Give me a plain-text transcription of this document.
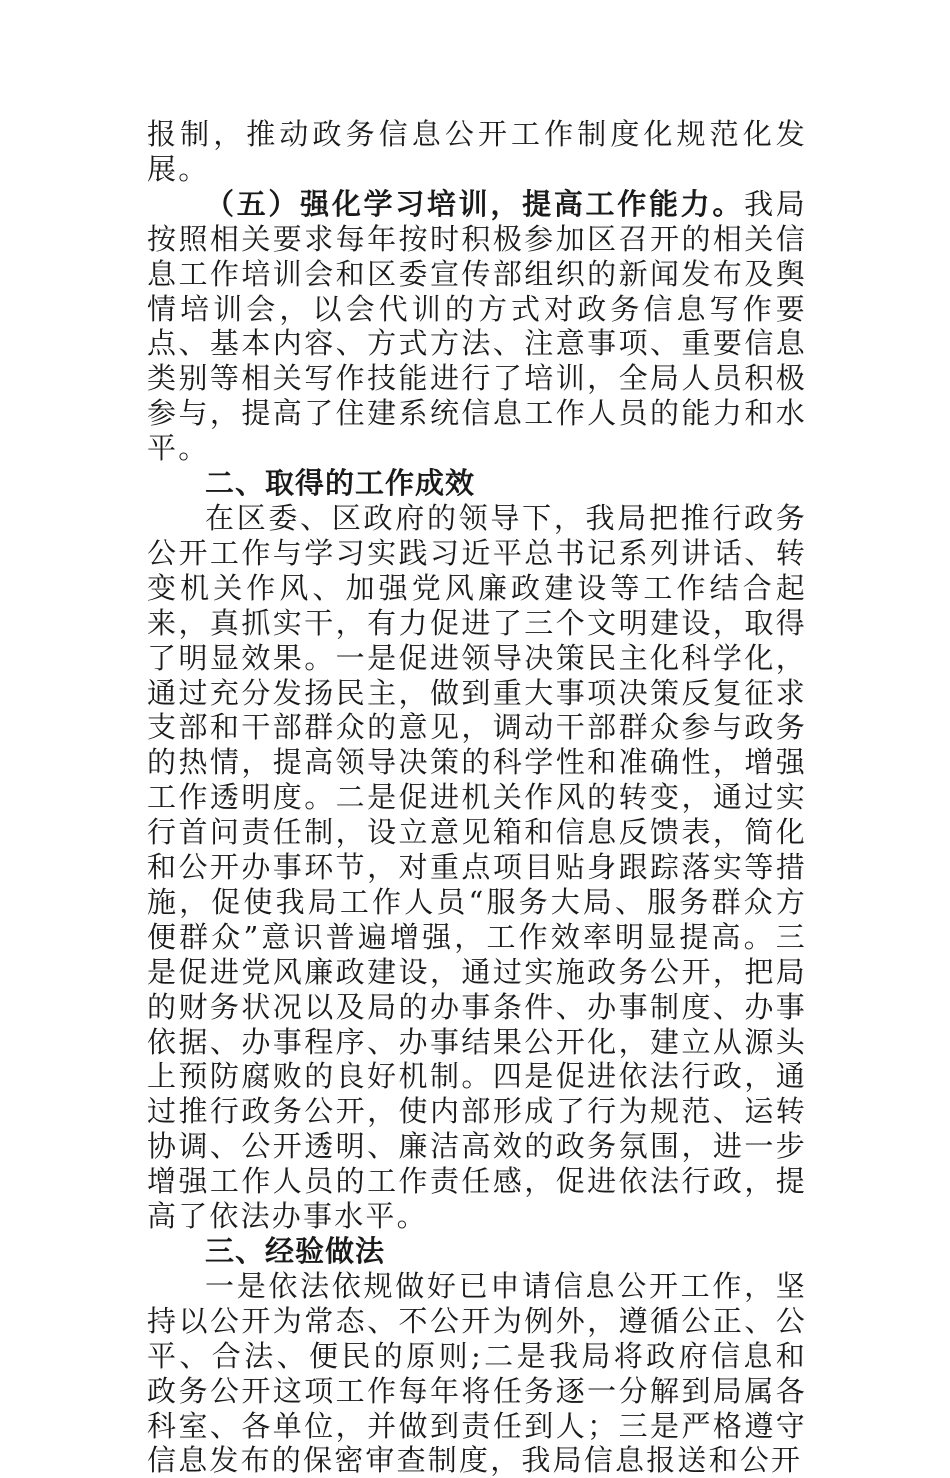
报制，推动政务信息公开工作制度化规范化发展。

（五）强化学习培训，提高工作能力。我局按照相关要求每年按时积极参加区召开的相关信息工作培训会和区委宣传部组织的新闻发布及舆情培训会，以会代训的方式对政务信息写作要点、基本内容、方式方法、注意事项、重要信息类别等相关写作技能进行了培训，全局人员积极参与，提高了住建系统信息工作人员的能力和水平。

二、取得的工作成效

在区委、区政府的领导下，我局把推行政务公开工作与学习实践习近平总书记系列讲话、转变机关作风、加强党风廉政建设等工作结合起来，真抓实干，有力促进了三个文明建设，取得了明显效果。一是促进领导决策民主化科学化，通过充分发扬民主，做到重大事项决策反复征求支部和干部群众的意见，调动干部群众参与政务的热情，提高领导决策的科学性和准确性，增强工作透明度。二是促进机关作风的转变，通过实行首问责任制，设立意见箱和信息反馈表，简化和公开办事环节，对重点项目贴身跟踪落实等措施，促使我局工作人员“服务大局、服务群众方便群众”意识普遍增强，工作效率明显提高。三是促进党风廉政建设，通过实施政务公开，把局的财务状况以及局的办事条件、办事制度、办事依据、办事程序、办事结果公开化，建立从源头上预防腐败的良好机制。四是促进依法行政，通过推行政务公开，使内部形成了行为规范、运转协调、公开透明、廉洁高效的政务氛围，进一步增强工作人员的工作责任感，促进依法行政，提高了依法办事水平。

三、经验做法

一是依法依规做好已申请信息公开工作，坚持以公开为常态、不公开为例外，遵循公正、公平、合法、便民的原则;二是我局将政府信息和政务公开这项工作每年将任务逐一分解到局属各科室、各单位，并做到责任到人；三是严格遵守信息发布的保密审查制度，我局信息报送和公开
